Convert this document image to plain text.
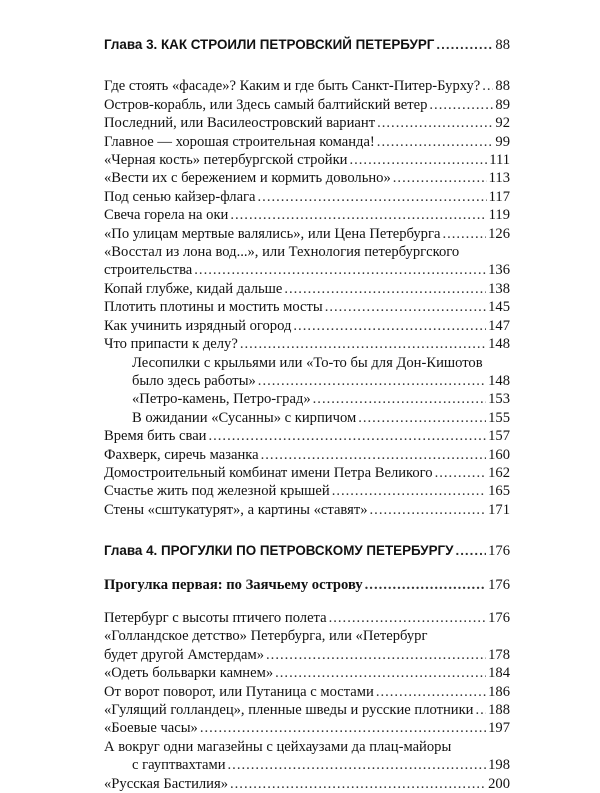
Глава 3. КАК СТРОИЛИ ПЕТРОВСКИЙ ПЕТЕРБУРГ .....	88
Где стоять «фасаде»? Каким и где быть Санкт-Питер-Бурху? ..... 88
Остров-корабль, или Здесь самый балтийский ветер .....	89
Последний, или Василеостровский вариант .....	92
Главное — хорошая строительная команда! .....	99
«Черная кость» петербургской стройки .....	111
«Вести их с бережением и кормить довольно» .....	113
Под сенью кайзер-флага .....	117
Свеча горела на оки .....	119
«По улицам мертвые валялись», или Цена Петербурга .....	126
«Восстал из лона вод...», или Технология петербургского
строительства .....	136
Копай глубже, кидай дальше .....	138
Плотить плотины и мостить мосты .....	145
Как учинить изрядный огород .....	147
Что припасти к делу? .....	148
Лесопилки с крыльями или «То-то бы для Дон-Кишотов
было здесь работы» .....	148
«Петро-камень, Петро-град» .....	153
В ожидании «Сусанны» с кирпичом .....	155
Время бить сваи .....	157
Фахверк, сиречь мазанка .....	160
Домостроительный комбинат имени Петра Великого .....	162
Счастье жить под железной крышей .....	165
Стены «сштукатурят», а картины «ставят» .....	171
Глава 4. ПРОГУЛКИ ПО ПЕТРОВСКОМУ ПЕТЕРБУРГУ ..... 176
Прогулка первая: по Заячьему острову .....	176
Петербург с высоты птичего полета .....	176
«Голландское детство» Петербурга, или «Петербург
будет другой Амстердам» .....	178
«Одеть больварки камнем» .....	184
От ворот поворот, или Путаница с мостами .....	186
«Гулящий голландец», пленные шведы и русские плотники ..... 188
«Боевые часы» .....	197
А вокруг одни магазейны с цейхаузами да плац-майоры
с гауптвахтами .....	198
«Русская Бастилия» .....	200
